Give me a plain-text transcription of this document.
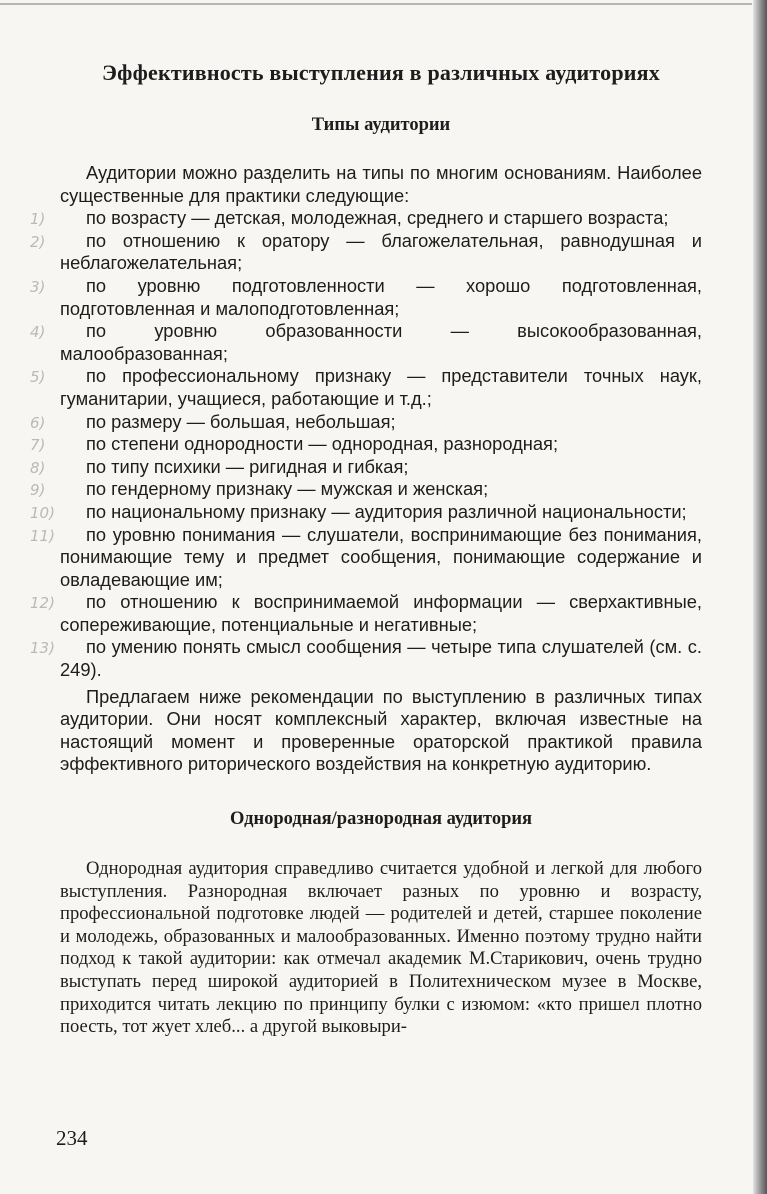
Эффективность выступления в различных аудиториях
Типы аудитории
Аудитории можно разделить на типы по многим основаниям. Наиболее существенные для практики следующие:
1) по возрасту — детская, молодежная, среднего и старшего возраста;
2) по отношению к оратору — благожелательная, равнодушная и неблагожелательная;
3) по уровню подготовленности — хорошо подготовленная, подготовленная и малоподготовленная;
4) по уровню образованности — высокообразованная, малообразованная;
5) по профессиональному признаку — представители точных наук, гуманитарии, учащиеся, работающие и т.д.;
6) по размеру — большая, небольшая;
7) по степени однородности — однородная, разнородная;
8) по типу психики — ригидная и гибкая;
9) по гендерному признаку — мужская и женская;
10) по национальному признаку — аудитория различной национальности;
11) по уровню понимания — слушатели, воспринимающие без понимания, понимающие тему и предмет сообщения, понимающие содержание и овладевающие им;
12) по отношению к воспринимаемой информации — сверхактивные, сопереживающие, потенциальные и негативные;
13) по умению понять смысл сообщения — четыре типа слушателей (см. с. 249).
Предлагаем ниже рекомендации по выступлению в различных типах аудитории. Они носят комплексный характер, включая известные на настоящий момент и проверенные ораторской практикой правила эффективного риторического воздействия на конкретную аудиторию.
Однородная/разнородная аудитория
Однородная аудитория справедливо считается удобной и легкой для любого выступления. Разнородная включает разных по уровню и возрасту, профессиональной подготовке людей — родителей и детей, старшее поколение и молодежь, образованных и малообразованных. Именно поэтому трудно найти подход к такой аудитории: как отмечал академик М.Старикович, очень трудно выступать перед широкой аудиторией в Политехническом музее в Москве, приходится читать лекцию по принципу булки с изюмом: «кто пришел плотно поесть, тот жует хлеб... а другой выковыри-
234
